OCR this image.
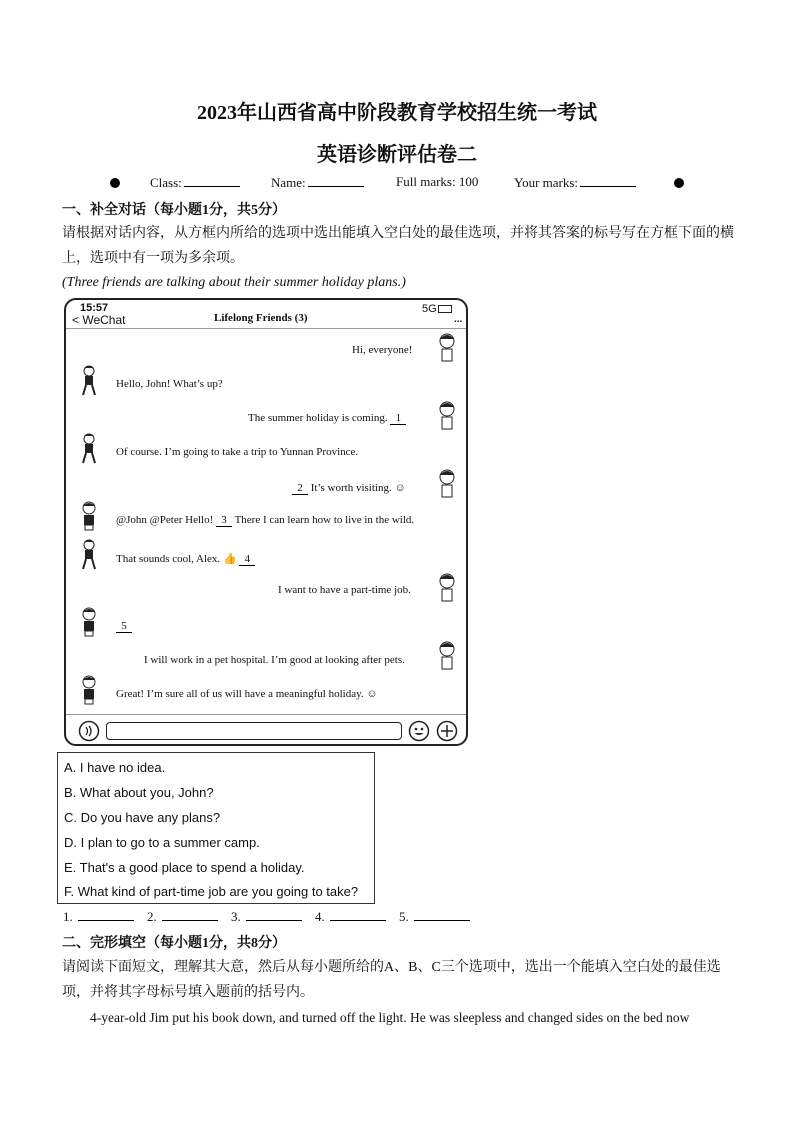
2023年山西省高中阶段教育学校招生统一考试
英语诊断评估卷二
Class:	Name:	Full marks: 100	Your marks:
一、补全对话（每小题1分，共5分）
请根据对话内容，从方框内所给的选项中选出能填入空白处的最佳选项，并将其答案的标号写在方框下面的横
上，选项中有一项为多余项。
(Three friends are talking about their summer holiday plans.)
15:57	5G
< WeChat	Lifelong Friends (3)	...
Hi, everyone!
Hello, John! What’s up?
The summer holiday is coming. 1
Of course. I’m going to take a trip to Yunnan Province.
2 It’s worth visiting. ☺
@John @Peter Hello! 3 There I can learn how to live in the wild.
That sounds cool, Alex. 👍 4
I want to have a part-time job.
5
I will work in a pet hospital. I’m good at looking after pets.
Great! I’m sure all of us will have a meaningful holiday. ☺
A. I have no idea.
B. What about you, John?
C. Do you have any plans?
D. I plan to go to a summer camp.
E. That's a good place to spend a holiday.
F. What kind of part-time job are you going to take?
1.	2.	3.	4.	5.
二、完形填空（每小题1分，共8分）
请阅读下面短文，理解其大意，然后从每小题所给的A、B、C三个选项中，选出一个能填入空白处的最佳选
项，并将其字母标号填入题前的括号内。
4-year-old Jim put his book down, and turned off the light. He was sleepless and changed sides on the bed now
